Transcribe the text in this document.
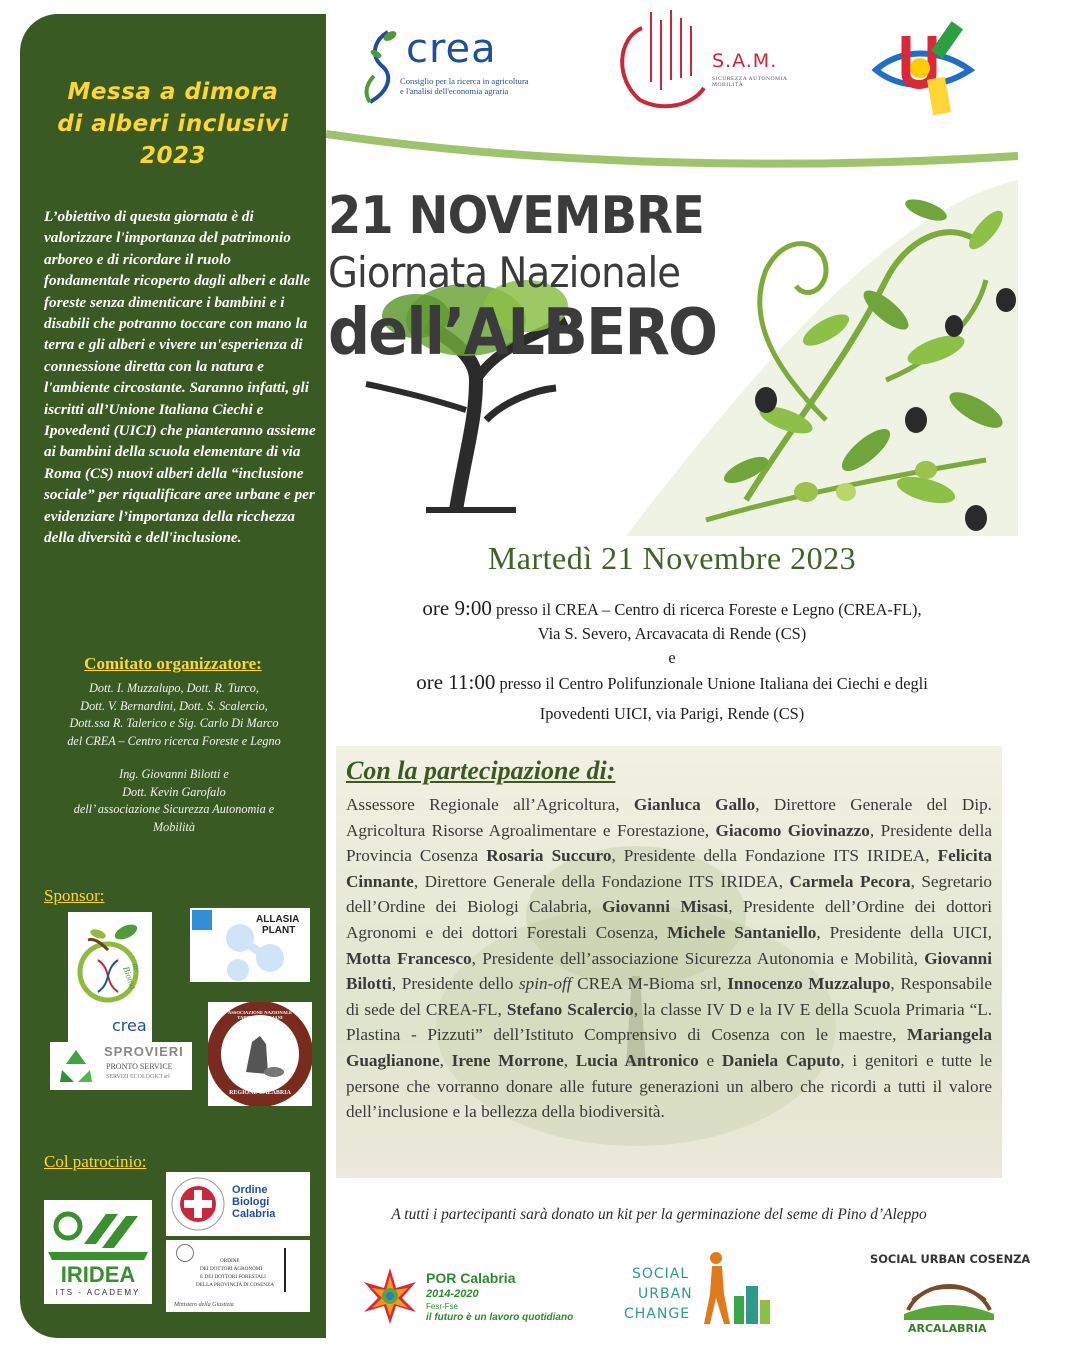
Messa a dimora
di alberi inclusivi
2023
L’obiettivo di questa giornata è di valorizzare l'importanza del patrimonio arboreo e di ricordare il ruolo fondamentale ricoperto dagli alberi e dalle foreste senza dimenticare i bambini e i disabili che potranno toccare con mano la terra e gli alberi e vivere un'esperienza di connessione diretta con la natura e l'ambiente circostante. Saranno infatti, gli iscritti all’Unione Italiana Ciechi e Ipovedenti (UICI) che pianteranno assieme ai bambini della scuola elementare di via Roma (CS) nuovi alberi della “inclusione sociale” per riqualificare aree urbane e per evidenziare l’importanza della ricchezza della diversità e dell'inclusione.
Comitato organizzatore:
Dott. I. Muzzalupo, Dott. R. Turco,
Dott. V. Bernardini, Dott. S. Scalercio,
Dott.ssa R. Talerico e Sig. Carlo Di Marco
del CREA – Centro ricerca Foreste e Legno
Ing. Giovanni Bilotti e
Dott. Kevin Garofalo
dell’ associazione Sicurezza Autonomia e
Mobilità
Sponsor:
m-Bioma
crea
ALLASIA
PLANT
SPROVIERI
PRONTO SERVICE
SERVIZI ECOLOGICI srl
ASSOCIAZIONE NAZIONALE TARTUFAI ITALIANI
REGIONE CALABRIA
Col patrocinio:
IRIDEA
ITS - ACADEMY
Ordine
Biologi
Calabria
ORDINE
DEI DOTTORI AGRONOMI
E DEI DOTTORI FORESTALI
DELLA PROVINCIA DI COSENZA
Ministero della Giustizia
crea
Consiglio per la ricerca in agricoltura
e l'analisi dell'economia agraria
S.A.M.
SICUREZZA AUTONOMIA MOBILITÀ
21 NOVEMBRE
Giornata Nazionale
dell’ALBERO
Martedì 21 Novembre 2023
ore 9:00 presso il CREA – Centro di ricerca Foreste e Legno (CREA-FL),
Via S. Severo, Arcavacata di Rende (CS)
e
ore 11:00 presso il Centro Polifunzionale Unione Italiana dei Ciechi e degli
Ipovedenti UICI, via Parigi, Rende (CS)
Con la partecipazione di:
Assessore Regionale all’Agricoltura, Gianluca Gallo, Direttore Generale del Dip. Agricoltura Risorse Agroalimentare e Forestazione, Giacomo Giovinazzo, Presidente della Provincia Cosenza Rosaria Succuro, Presidente della Fondazione ITS IRIDEA, Felicita Cinnante, Direttore Generale della Fondazione ITS IRIDEA, Carmela Pecora, Segretario dell’Ordine dei Biologi Calabria, Giovanni Misasi, Presidente dell’Ordine dei dottori Agronomi e dei dottori Forestali Cosenza, Michele Santaniello, Presidente della UICI, Motta Francesco, Presidente dell’associazione Sicurezza Autonomia e Mobilità, Giovanni Bilotti, Presidente dello spin-off CREA M-Bioma srl, Innocenzo Muzzalupo, Responsabile di sede del CREA-FL, Stefano Scalercio, la classe IV D e la IV E della Scuola Primaria “L. Plastina - Pizzuti” dell’Istituto Comprensivo di Cosenza con le maestre, Mariangela Guaglianone, Irene Morrone, Lucia Antronico e Daniela Caputo, i genitori e tutte le persone che vorranno donare alle future generazioni un albero che ricordi a tutti il valore dell’inclusione e la bellezza della biodiversità.
A tutti i partecipanti sarà donato un kit per la germinazione del seme di Pino d’Aleppo
POR Calabria
2014-2020
Fesr-Fse
il futuro è un lavoro quotidiano
SOCIAL
URBAN
CHANGE
SOCIAL URBAN COSENZA
ARCALABRIA
